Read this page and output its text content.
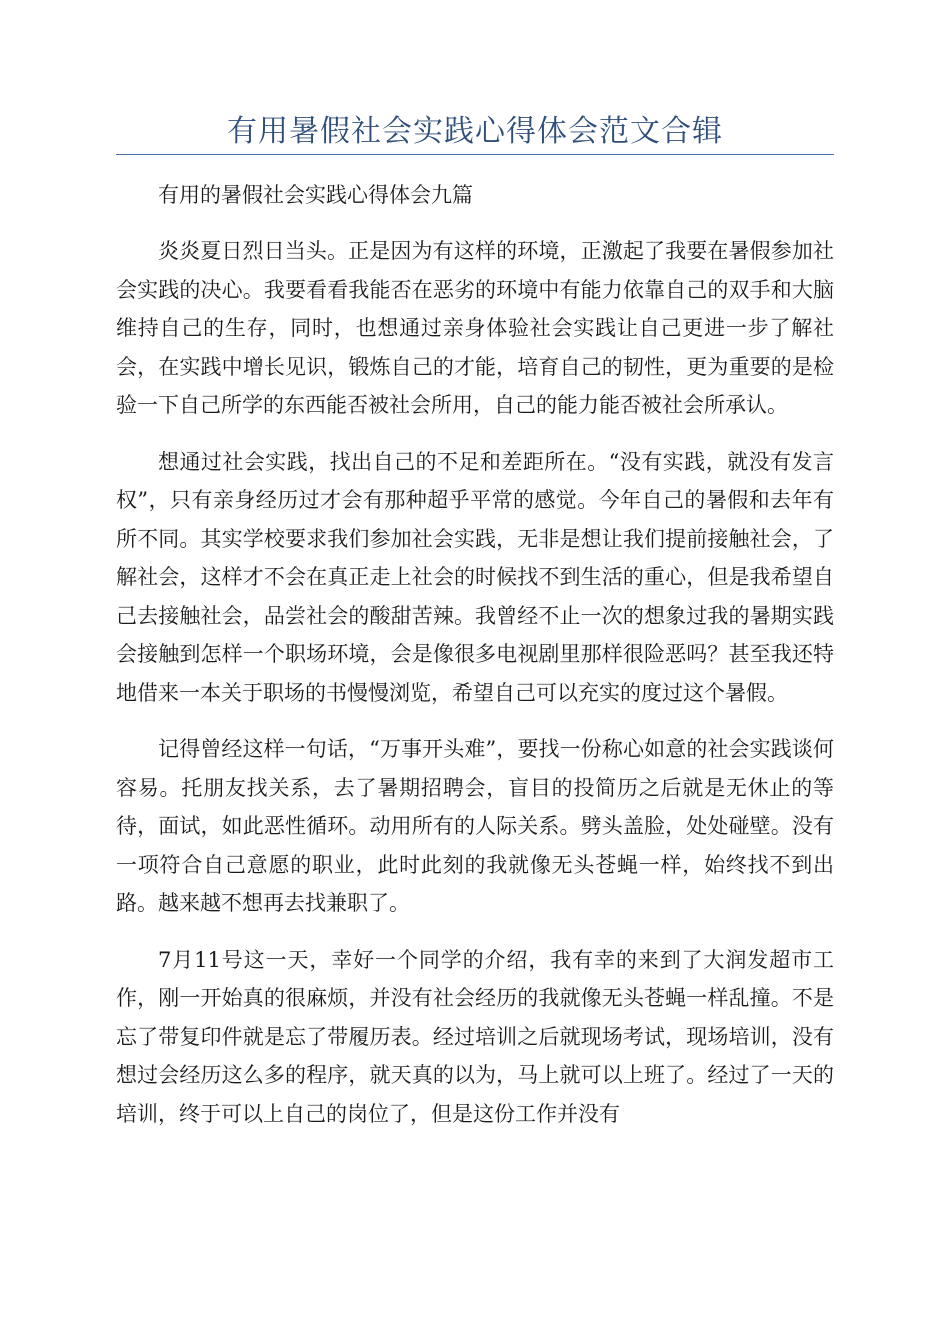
有用暑假社会实践心得体会范文合辑

有用的暑假社会实践心得体会九篇

炎炎夏日烈日当头。正是因为有这样的环境，正激起了我要在暑假参加社会实践的决心。我要看看我能否在恶劣的环境中有能力依靠自己的双手和大脑维持自己的生存，同时，也想通过亲身体验社会实践让自己更进一步了解社会，在实践中增长见识，锻炼自己的才能，培育自己的韧性，更为重要的是检验一下自己所学的东西能否被社会所用，自己的能力能否被社会所承认。

想通过社会实践，找出自己的不足和差距所在。“没有实践，就没有发言权”，只有亲身经历过才会有那种超乎平常的感觉。今年自己的暑假和去年有所不同。其实学校要求我们参加社会实践，无非是想让我们提前接触社会，了解社会，这样才不会在真正走上社会的时候找不到生活的重心，但是我希望自己去接触社会，品尝社会的酸甜苦辣。我曾经不止一次的想象过我的暑期实践会接触到怎样一个职场环境，会是像很多电视剧里那样很险恶吗？甚至我还特地借来一本关于职场的书慢慢浏览，希望自己可以充实的度过这个暑假。

记得曾经这样一句话，“万事开头难”，要找一份称心如意的社会实践谈何容易。托朋友找关系，去了暑期招聘会，盲目的投简历之后就是无休止的等待，面试，如此恶性循环。动用所有的人际关系。劈头盖脸，处处碰壁。没有一项符合自己意愿的职业，此时此刻的我就像无头苍蝇一样，始终找不到出路。越来越不想再去找兼职了。

7月11号这一天，幸好一个同学的介绍，我有幸的来到了大润发超市工作，刚一开始真的很麻烦，并没有社会经历的我就像无头苍蝇一样乱撞。不是忘了带复印件就是忘了带履历表。经过培训之后就现场考试，现场培训，没有想过会经历这么多的程序，就天真的以为，马上就可以上班了。经过了一天的培训，终于可以上自己的岗位了，但是这份工作并没有
